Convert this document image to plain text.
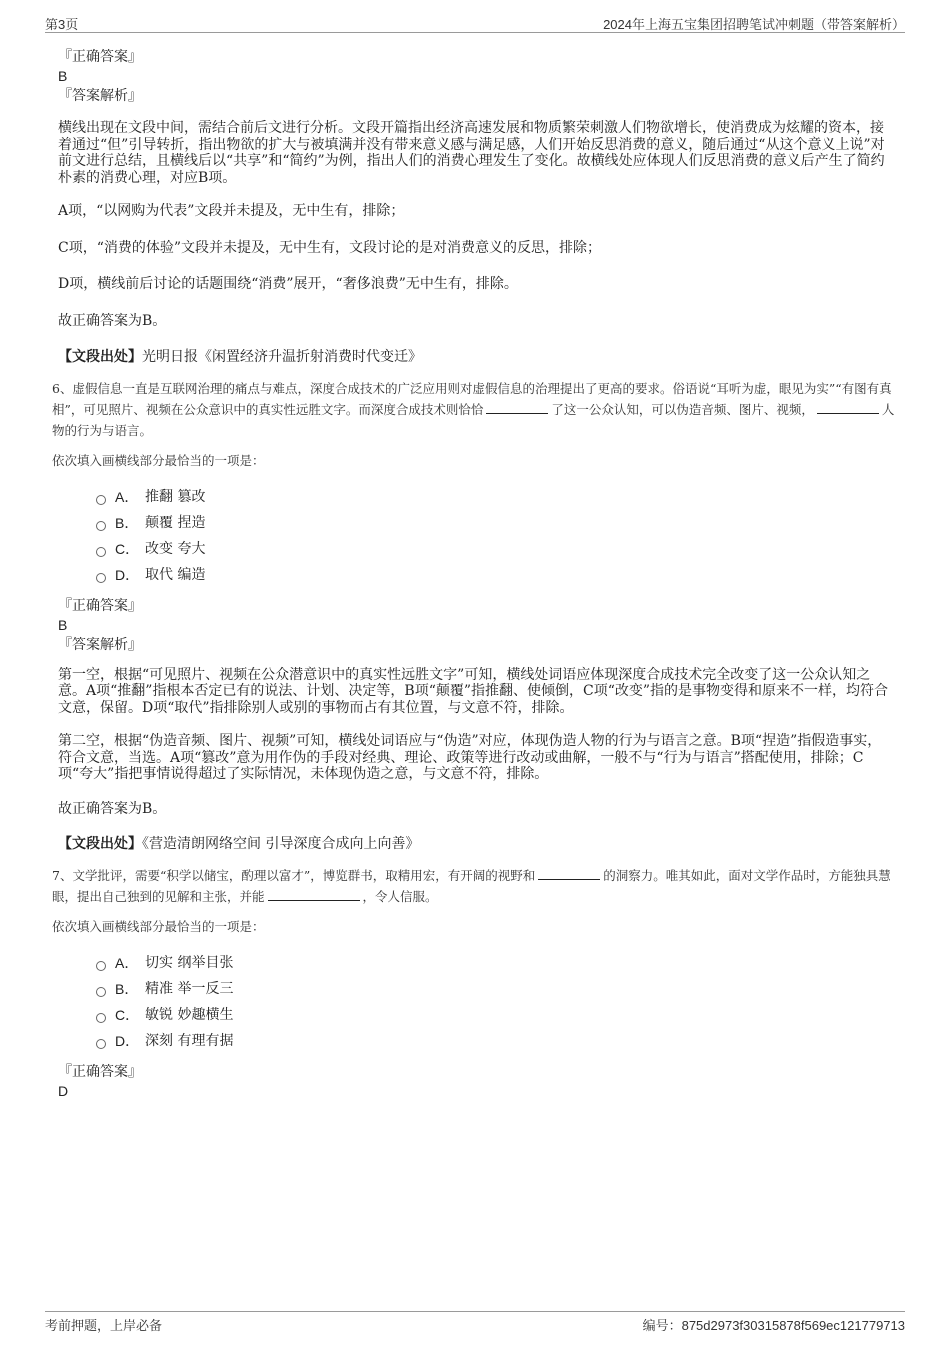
第3页	2024年上海五宝集团招聘笔试冲刺题（带答案解析）
『正确答案』
B
『答案解析』

横线出现在文段中间，需结合前后文进行分析。文段开篇指出经济高速发展和物质繁荣刺激人们物欲增长，使消费成为炫耀的资本，接着通过“但”引导转折，指出物欲的扩大与被填满并没有带来意义感与满足感，人们开始反思消费的意义，随后通过“从这个意义上说”对前文进行总结，且横线后以“共享”和“简约”为例，指出人们的消费心理发生了变化。故横线处应体现人们反思消费的意义后产生了简约朴素的消费心理，对应B项。

A项，“以网购为代表”文段并未提及，无中生有，排除；

C项，“消费的体验”文段并未提及，无中生有，文段讨论的是对消费意义的反思，排除；

D项，横线前后讨论的话题围绕“消费”展开，“奢侈浪费”无中生有，排除。

故正确答案为B。

【文段出处】光明日报《闲置经济升温折射消费时代变迁》

6、虚假信息一直是互联网治理的痛点与难点，深度合成技术的广泛应用则对虚假信息的治理提出了更高的要求。俗语说“耳听为虚，眼见为实”“有图有真相”，可见照片、视频在公众意识中的真实性远胜文字。而深度合成技术则恰恰	了这一公众认知，可以伪造音频、图片、视频，	人物的行为与语言。
依次填入画横线部分最恰当的一项是：
A． 推翻 篡改
B． 颠覆 捏造
C． 改变 夸大
D． 取代 编造
『正确答案』
B
『答案解析』

第一空，根据“可见照片、视频在公众潜意识中的真实性远胜文字”可知，横线处词语应体现深度合成技术完全改变了这一公众认知之意。A项“推翻”指根本否定已有的说法、计划、决定等，B项“颠覆”指推翻、使倾倒，C项“改变”指的是事物变得和原来不一样，均符合文意，保留。D项“取代”指排除别人或别的事物而占有其位置，与文意不符，排除。

第二空，根据“伪造音频、图片、视频”可知，横线处词语应与“伪造”对应，体现伪造人物的行为与语言之意。B项“捏造”指假造事实，符合文意，当选。A项“篡改”意为用作伪的手段对经典、理论、政策等进行改动或曲解，一般不与“行为与语言”搭配使用，排除；C项“夸大”指把事情说得超过了实际情况，未体现伪造之意，与文意不符，排除。

故正确答案为B。

【文段出处】《营造清朗网络空间 引导深度合成向上向善》

7、文学批评，需要“积学以储宝，酌理以富才”，博览群书，取精用宏，有开阔的视野和	的洞察力。唯其如此，面对文学作品时，方能独具慧眼，提出自己独到的见解和主张，并能	，令人信服。
依次填入画横线部分最恰当的一项是：
A． 切实 纲举目张
B． 精准 举一反三
C． 敏锐 妙趣横生
D． 深刻 有理有据
『正确答案』
D
考前押题，上岸必备	编号：875d2973f30315878f569ec121779713
